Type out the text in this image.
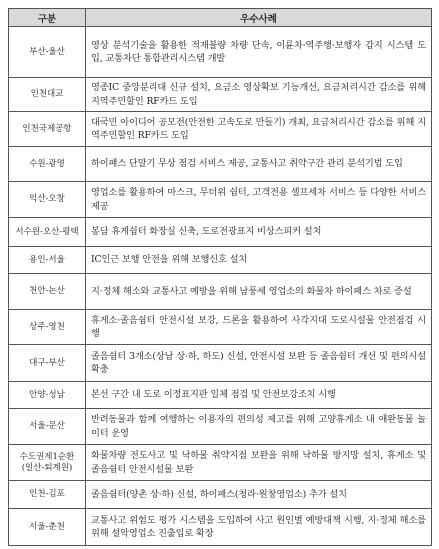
구분	우수사례
부산-울산	영상 분석기술을 활용한 적재불량 차량 단속, 이륜차·역주행·보행자 감지 시스템 도입, 교통차단 통합관리시스템 개발
인천대교	영종IC 중앙분리대 신규 설치, 요금소 영상확보 기능개선, 요금처리시간 감소를 위해 지역주민할인 RF카드 도입
인천국제공항	대국민 아이디어 공모전(안전한 고속도로 만들기) 개최, 요금처리시간 감소를 위해 지역주민할인 RF카드 도입
수원-광명	하이패스 단말기 무상 점검 서비스 제공, 교통사고 취약구간 관리 분석기법 도입
익산-오창	영업소를 활용하여 마스크, 무더위 쉼터, 고객전용 셀프세차 서비스 등 다양한 서비스 제공
서수원-오산-평택	봉담 휴게쉼터 화장실 신축, 도로전광표지 비상스피커 설치
용인-서울	IC인근 보행 안전을 위해 보행신호 설치
천안-논산	지·정체 해소와 교통사고 예방을 위해 남풍세 영업소의 화물차 하이패스 차로 증설
상주-영천	휴게소·졸음쉼터 안전시설 보강, 드론을 활용하여 사각지대 도로시설물 안전점검 시행
대구-부산	졸음쉼터 3개소(상남 상·하, 하도) 신설, 안전시설 보완 등 졸음쉼터 개선 및 편의시설 확충
안양-성남	본선 구간 내 도로 이정표지판 일체 점검 및 안전보강조치 시행
서울-문산	반려동물과 함께 여행하는 이용자의 편의성 제고를 위해 고양휴게소 내 애완동물 놀이터 운영
수도권제1순환
(일산-퇴계원)	화물차량 전도사고 및 낙하물 취약지점 보완을 위해 낙하물 방지망 설치, 휴게소 및 졸음쉼터 안전시설물 보완
인천-김포	졸음쉼터(양촌 상·하) 신설, 하이패스(청라·원창영업소) 추가 설치
서울-춘천	교통사고 위험도 평가 시스템을 도입하여 사고 원인별 예방대책 시행, 지·정체 해소를 위해 설악영업소 진출입로 확장
